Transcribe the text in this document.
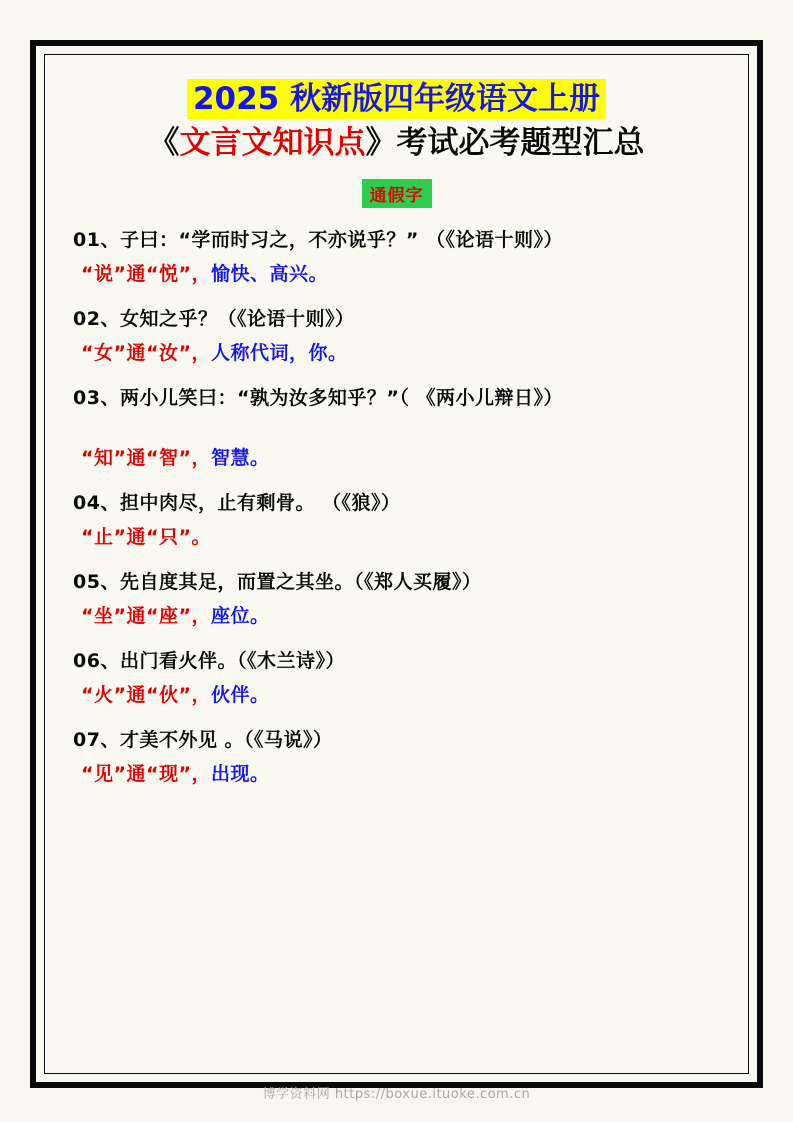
2025 秋新版四年级语文上册
《文言文知识点》考试必考题型汇总
通假字
01、子曰：“学而时习之，不亦说乎？” （《论语十则》）
“说”通“悦”，愉快、高兴。
02、女知之乎？（《论语十则》）
“女”通“汝”，人称代词，你。
03、两小儿笑曰：“孰为汝多知乎？”（ 《两小儿辩日》）
“知”通“智”，智慧。
04、担中肉尽，止有剩骨。 （《狼》）
“止”通“只”。
05、先自度其足，而置之其坐。（《郑人买履》）
“坐”通“座”，座位。
06、出门看火伴。（《木兰诗》）
“火”通“伙”，伙伴。
07、才美不外见 。（《马说》）
“见”通“现”，出现。
博学资料网 https://boxue.ituoke.com.cn
